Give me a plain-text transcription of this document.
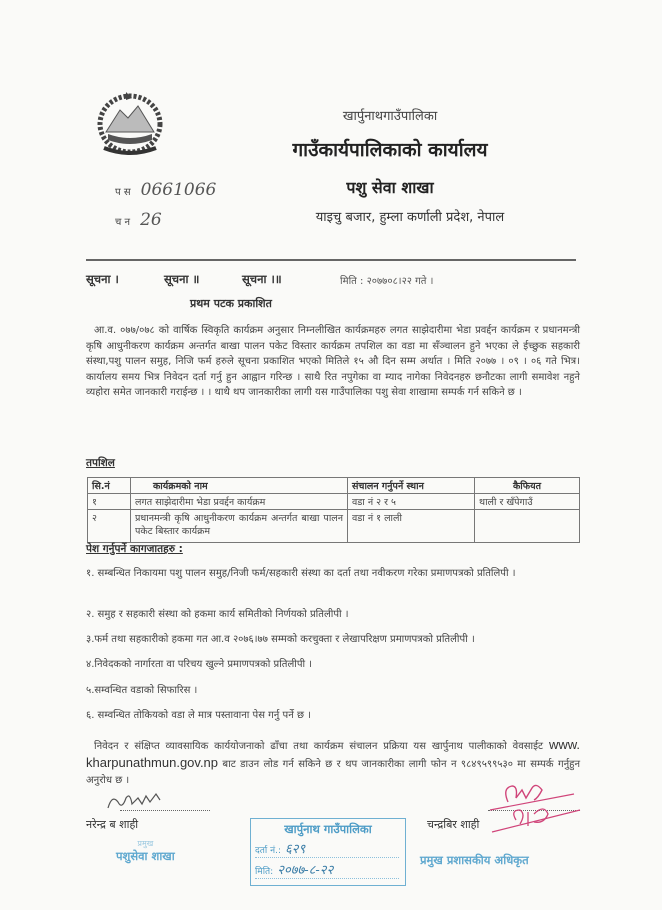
खार्पुनाथगाउँपालिका
गाउँकार्यपालिकाको कार्यालय
पशु सेवा शाखा
याइचु बजार, हुम्ला कर्णाली प्रदेश, नेपाल
प स 0661066
च न 26
सूचना ।	सूचना ॥	सूचना ।॥	मिति : २०७७०८।२२ गते ।
प्रथम पटक प्रकाशित
आ.व. ०७७/०७८ को वार्षिक स्विकृति कार्यक्रम अनुसार निम्नलीखित कार्यक्रमहरु लगत साझेदारीमा भेडा प्रवर्द्दन कार्यक्रम र प्रधानमन्त्री कृषि आधुनीकरण कार्यक्रम अन्तर्गत बाखा पालन पकेट विस्तार कार्यक्रम तपशिल का वडा मा सँञ्चालन हुने भएका ले ईच्छुक सहकारी संस्था,पशु पालन समुह, निजि फर्म हरुले सूचना प्रकाशित भएको मितिले १५ औ दिन सम्म अर्थात । मिति २०७७ । ०९ । ०६ गते भित्र। कार्यालय समय भित्र निवेदन दर्ता गर्नु हुन आह्वान गरिन्छ । साथै रित नपुगेका वा म्याद नागेका निवेदनहरु छनौटका लागी समावेश नहुने व्यहोरा समेत जानकारी गराईन्छ । । थाथै थप जानकारीका लागी यस गाउँपालिका पशु सेवा शाखामा सम्पर्क गर्न सकिने छ ।
तपशिल
सि.नं	कार्यक्रमको नाम	संचालन गर्नुपर्ने स्थान	कैफियत
१	लगत साझेदारीमा भेडा प्रवर्द्दन कार्यक्रम	वडा नं २ र ५	थाली र खँपेगाउँ
२	प्रधानमन्त्री कृषि आधुनीकरण कार्यक्रम अन्तर्गत बाखा पालन पकेट बिस्तार कार्यक्रम	वडा नं १ लाली	
पेश गर्नुपर्ने कागजातहरु :
१. सम्बन्धित निकायमा पशु पालन समुह/निजी फर्म/सहकारी संस्था का दर्ता तथा नवीकरण गरेका प्रमाणपत्रको प्रतिलिपी ।
२. समुह र सहकारी संस्था को हकमा कार्य समितीको निर्णयको प्रतिलीपी ।
३.फर्म तथा सहकारीको हकमा गत आ.व २०७६।७७ सम्मको करचुक्ता र लेखापरिक्षण प्रमाणपत्रको प्रतिलीपी ।
४.निवेदकको नार्गारता वा परिचय खुल्ने प्रमाणपत्रको प्रतिलीपी ।
५.सम्वन्धित वडाको सिफारिस ।
६. सम्वन्धित तोकियको वडा ले मात्र पस्तावाना पेस गर्नु पर्ने छ ।
निवेदन र संक्षिप्त व्यावसायिक कार्ययोजनाको ढाँचा तथा कार्यक्रम संचालन प्रक्रिया यस खार्पुनाथ पालीकाको वेवसाईट www. kharpunathmun.gov.np बाट डाउन लोड गर्न सकिने छ र थप जानकारीका लागी फोन न ९८४९५९९५३० मा सम्पर्क गर्नुहुन अनुरोध छ ।
नरेन्द्र ब शाही
प्रमुख
पशुसेवा शाखा
खार्पुनाथ गाउँपालिका
दर्ता नं.: ६२९
मिति: २०७७-८-२२
चन्द्रबिर शाही
प्रमुख प्रशासकीय अधिकृत
